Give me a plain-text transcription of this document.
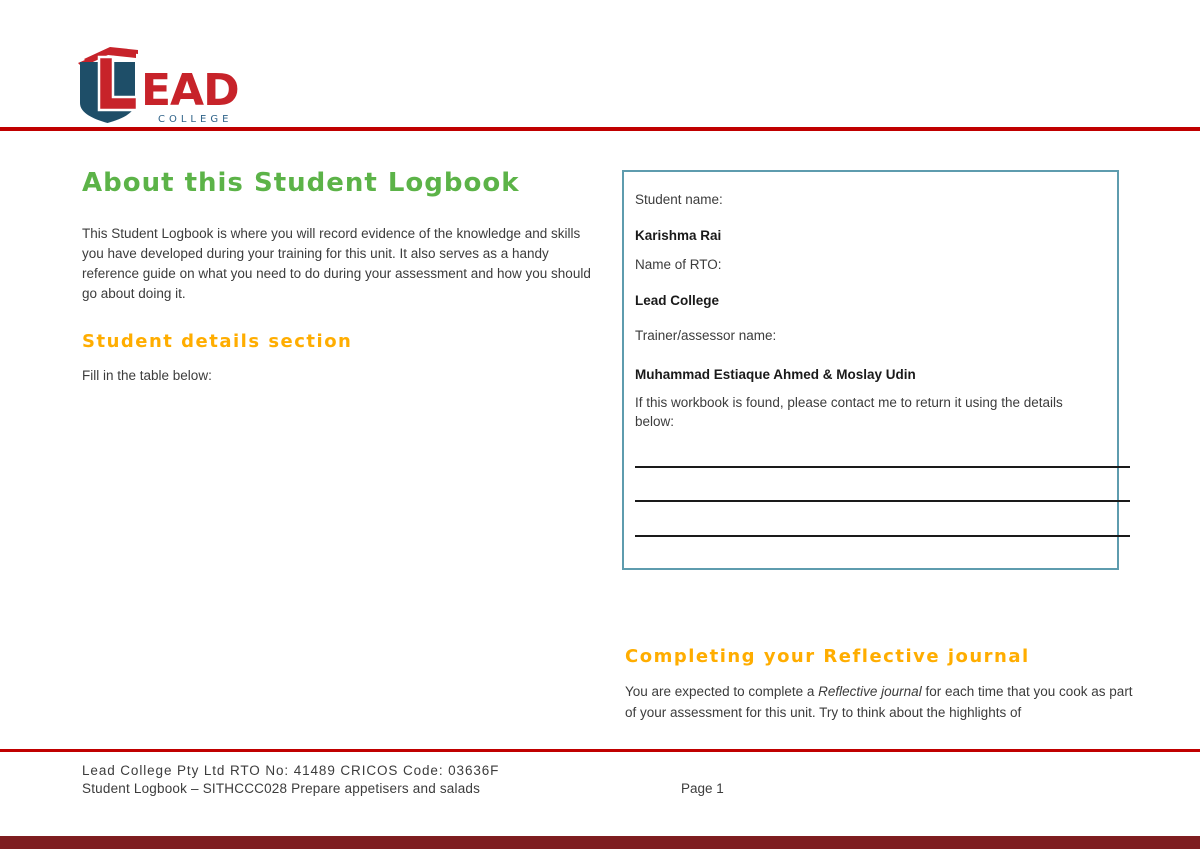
EAD
COLLEGE
About this Student Logbook

This Student Logbook is where you will record evidence of the knowledge and skills you have developed during your training for this unit. It also serves as a handy reference guide on what you need to do during your assessment and how you should go about doing it.

Student details section

Fill in the table below:

Student name:

Karishma Rai

Name of RTO:

Lead College

Trainer/assessor name:

Muhammad Estiaque Ahmed & Moslay Udin

If this workbook is found, please contact me to return it using the details below:

Completing your Reflective journal

You are expected to complete a Reflective journal for each time that you cook as part of your assessment for this unit. Try to think about the highlights of

Lead College Pty Ltd RTO No: 41489 CRICOS Code: 03636F
Student Logbook – SITHCCC028 Prepare appetisers and salads	Page 1
